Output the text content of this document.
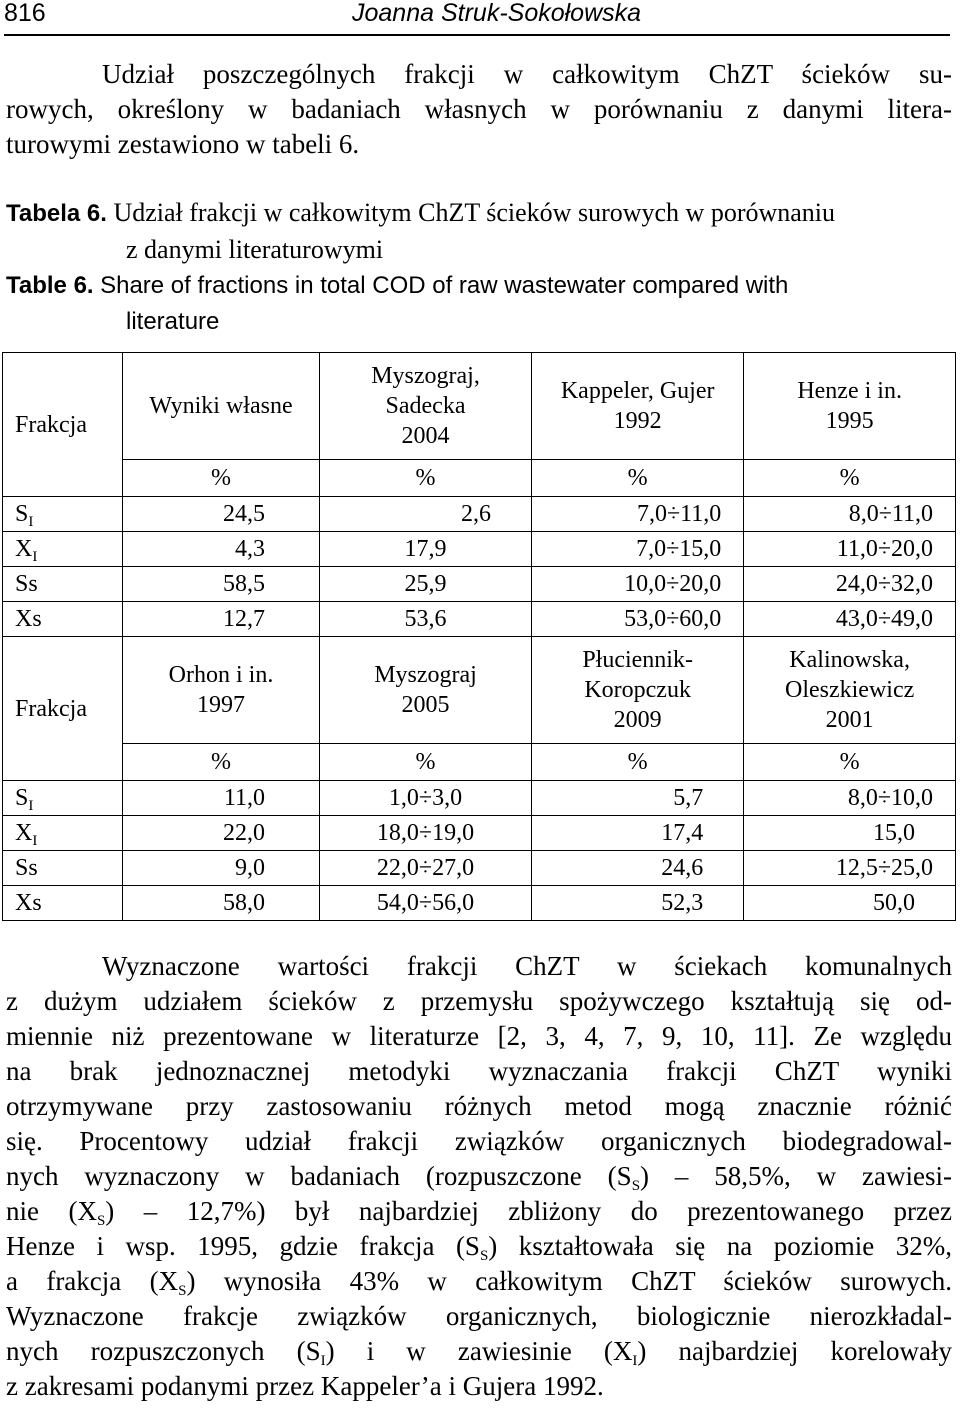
816	Joanna Struk-Sokołowska
Udział poszczególnych frakcji w całkowitym ChZT ścieków su-
rowych, określony w badaniach własnych w porównaniu z danymi litera-
turowymi zestawiono w tabeli 6.
Tabela 6. Udział frakcji w całkowitym ChZT ścieków surowych w porównaniu
z danymi literaturowymi
Table 6. Share of fractions in total COD of raw wastewater compared with
literature
Frakcja	Wyniki własne	Myszograj,
Sadecka
2004	Kappeler, Gujer
1992	Henze i in.
1995
	%	%	%	%
$S_I$	24,5	2,6	7,0÷11,0	8,0÷11,0
$X_I$	4,3	17,9	7,0÷15,0	11,0÷20,0
Ss	58,5	25,9	10,0÷20,0	24,0÷32,0
Xs	12,7	53,6	53,0÷60,0	43,0÷49,0
Frakcja	Orhon i in.
1997	Myszograj
2005	Płuciennik-
Koropczuk
2009	Kalinowska,
Oleszkiewicz
2001
	%	%	%	%
$S_I$	11,0	1,0÷3,0	5,7	8,0÷10,0
$X_I$	22,0	18,0÷19,0	17,4	15,0
Ss	9,0	22,0÷27,0	24,6	12,5÷25,0
Xs	58,0	54,0÷56,0	52,3	50,0
Wyznaczone wartości frakcji ChZT w ściekach komunalnych
z dużym udziałem ścieków z przemysłu spożywczego kształtują się od-
miennie niż prezentowane w literaturze [2, 3, 4, 7, 9, 10, 11]. Ze względu
na brak jednoznacznej metodyki wyznaczania frakcji ChZT wyniki
otrzymywane przy zastosowaniu różnych metod mogą znacznie różnić
się. Procentowy udział frakcji związków organicznych biodegradowal-
nych wyznaczony w badaniach (rozpuszczone $(S_S) - 58,5\%$, w zawiesi-
nie $(X_S) - 12,7\%$) był najbardziej zbliżony do prezentowanego przez
Henze i wsp. 1995, gdzie frakcja $(S_S)$ kształtowała się na poziomie 32%,
a frakcja $(X_S)$ wynosiła 43% w całkowitym ChZT ścieków surowych.
Wyznaczone frakcje związków organicznych, biologicznie nierozkładal-
nych rozpuszczonych $(S_I)$ i w zawiesinie $(X_I)$ najbardziej korelowały
z zakresami podanymi przez Kappeler’a i Gujera 1992.
